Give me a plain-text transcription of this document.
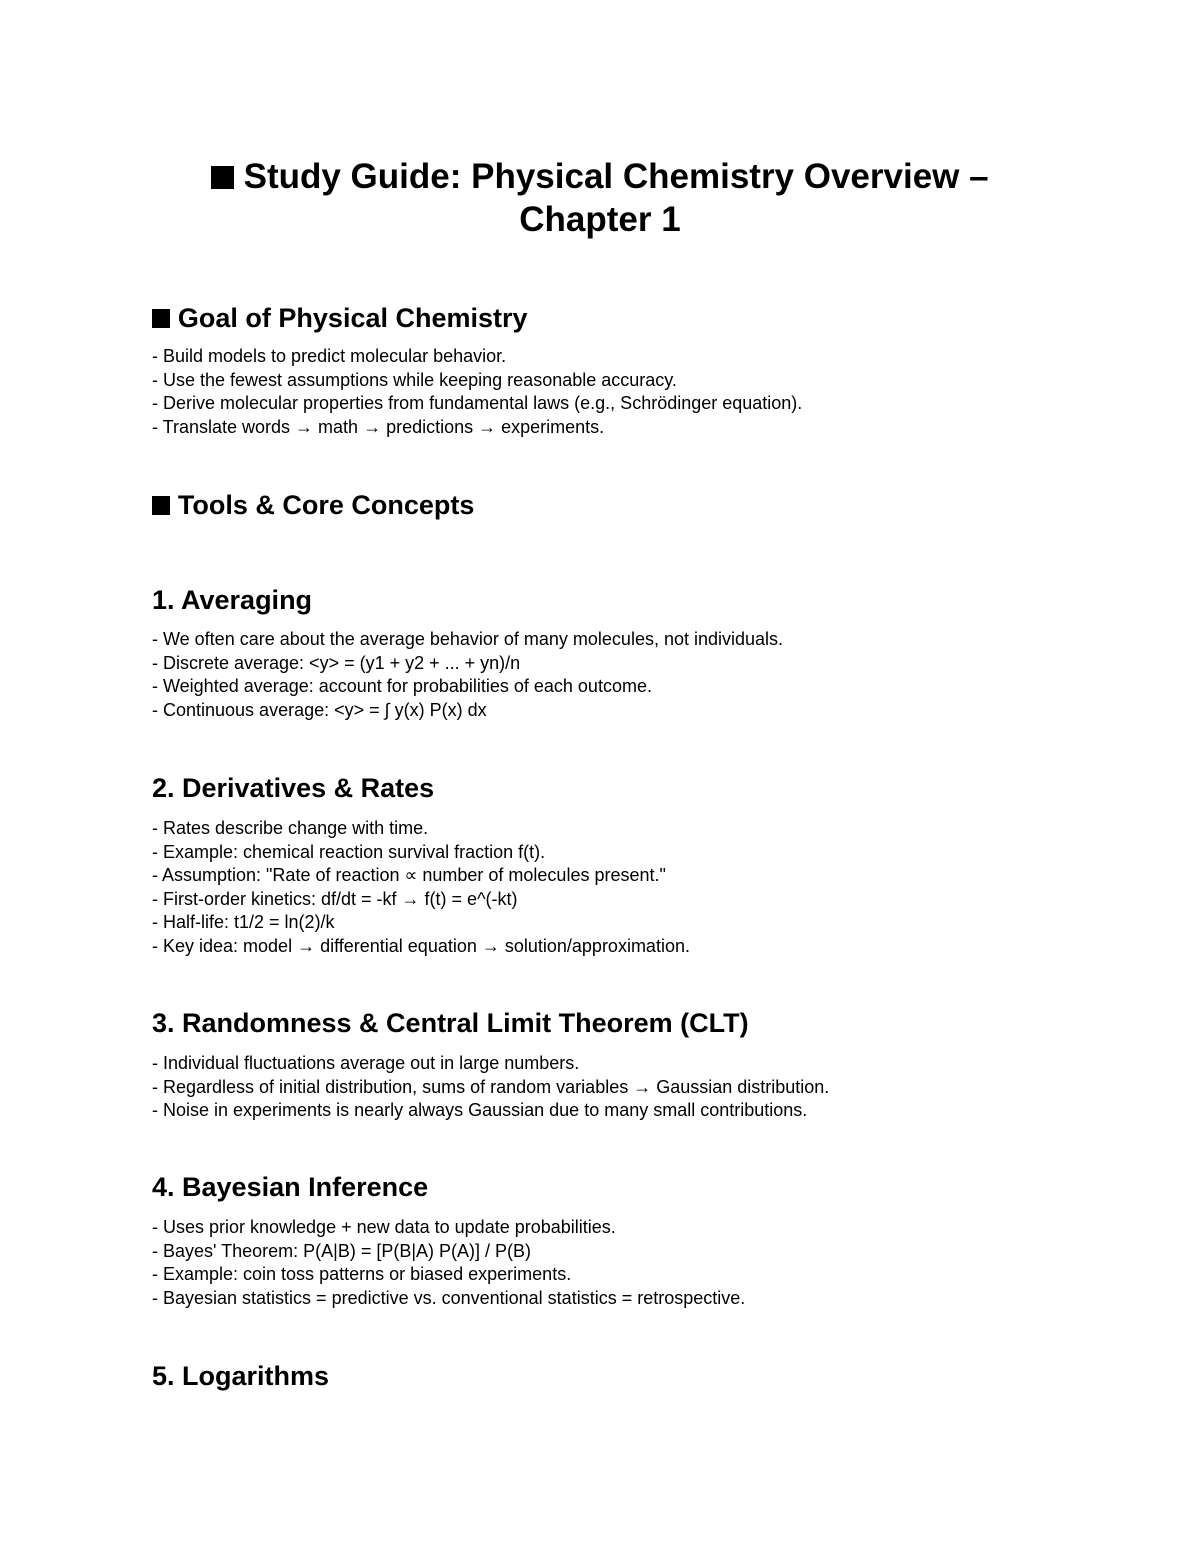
Study Guide: Physical Chemistry Overview – Chapter 1
Goal of Physical Chemistry
- Build models to predict molecular behavior.
- Use the fewest assumptions while keeping reasonable accuracy.
- Derive molecular properties from fundamental laws (e.g., Schrödinger equation).
- Translate words → math → predictions → experiments.
Tools & Core Concepts
1. Averaging
- We often care about the average behavior of many molecules, not individuals.
- Discrete average: <y> = (y1 + y2 + ... + yn)/n
- Weighted average: account for probabilities of each outcome.
- Continuous average: <y> = ∫ y(x) P(x) dx
2. Derivatives & Rates
- Rates describe change with time.
- Example: chemical reaction survival fraction f(t).
- Assumption: "Rate of reaction ∝ number of molecules present."
- First-order kinetics: df/dt = -kf → f(t) = e^(-kt)
- Half-life: t1/2 = ln(2)/k
- Key idea: model → differential equation → solution/approximation.
3. Randomness & Central Limit Theorem (CLT)
- Individual fluctuations average out in large numbers.
- Regardless of initial distribution, sums of random variables → Gaussian distribution.
- Noise in experiments is nearly always Gaussian due to many small contributions.
4. Bayesian Inference
- Uses prior knowledge + new data to update probabilities.
- Bayes' Theorem: P(A|B) = [P(B|A) P(A)] / P(B)
- Example: coin toss patterns or biased experiments.
- Bayesian statistics = predictive vs. conventional statistics = retrospective.
5. Logarithms
